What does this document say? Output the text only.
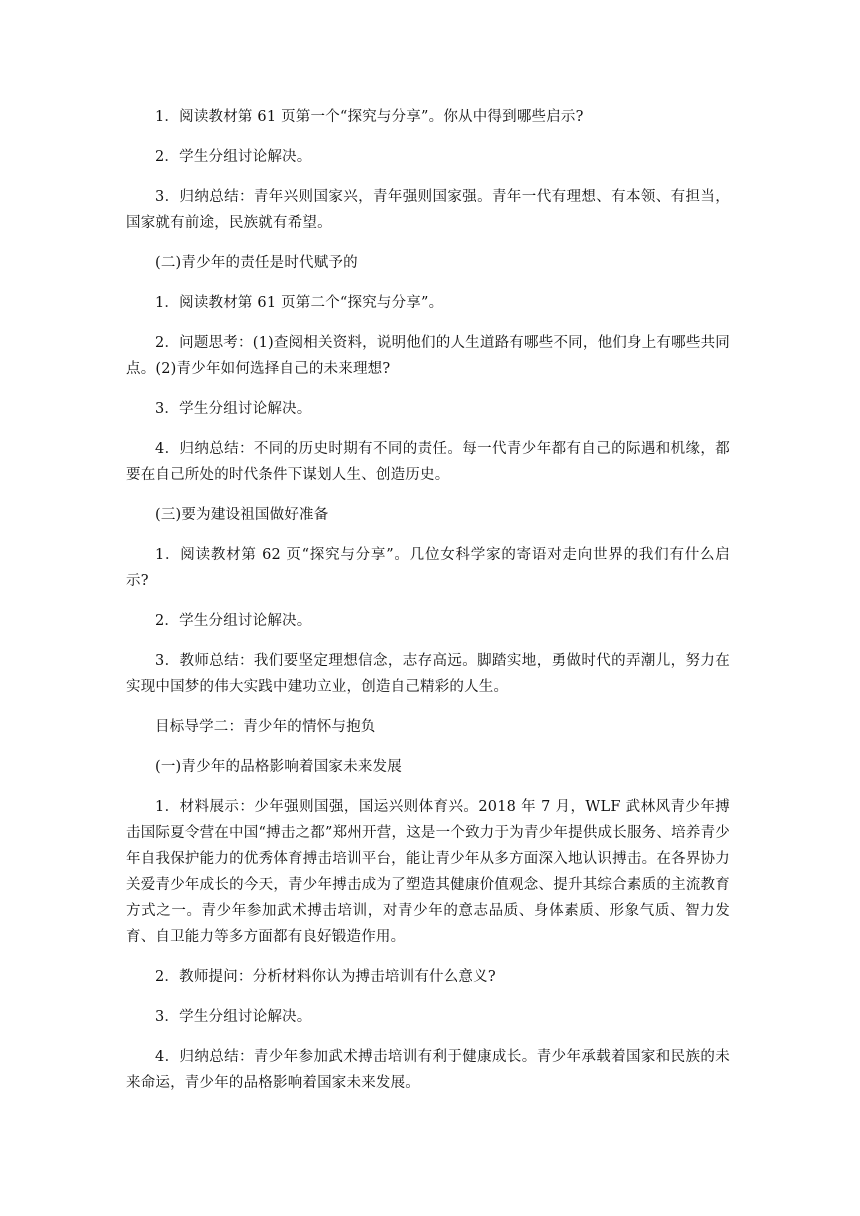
1．阅读教材第 61 页第一个“探究与分享”。你从中得到哪些启示?

2．学生分组讨论解决。

3．归纳总结：青年兴则国家兴，青年强则国家强。青年一代有理想、有本领、有担当，国家就有前途，民族就有希望。

(二)青少年的责任是时代赋予的

1．阅读教材第 61 页第二个“探究与分享”。

2．问题思考：(1)查阅相关资料，说明他们的人生道路有哪些不同，他们身上有哪些共同点。(2)青少年如何选择自己的未来理想?

3．学生分组讨论解决。

4．归纳总结：不同的历史时期有不同的责任。每一代青少年都有自己的际遇和机缘，都要在自己所处的时代条件下谋划人生、创造历史。

(三)要为建设祖国做好准备

1．阅读教材第 62 页“探究与分享”。几位女科学家的寄语对走向世界的我们有什么启示?

2．学生分组讨论解决。

3．教师总结：我们要坚定理想信念，志存高远。脚踏实地，勇做时代的弄潮儿，努力在实现中国梦的伟大实践中建功立业，创造自己精彩的人生。

目标导学二：青少年的情怀与抱负

(一)青少年的品格影响着国家未来发展

1．材料展示：少年强则国强，国运兴则体育兴。2018 年 7 月，WLF 武林风青少年搏击国际夏令营在中国“搏击之都”郑州开营，这是一个致力于为青少年提供成长服务、培养青少年自我保护能力的优秀体育搏击培训平台，能让青少年从多方面深入地认识搏击。在各界协力关爱青少年成长的今天，青少年搏击成为了塑造其健康价值观念、提升其综合素质的主流教育方式之一。青少年参加武术搏击培训，对青少年的意志品质、身体素质、形象气质、智力发育、自卫能力等多方面都有良好锻造作用。

2．教师提问：分析材料你认为搏击培训有什么意义?

3．学生分组讨论解决。

4．归纳总结：青少年参加武术搏击培训有利于健康成长。青少年承载着国家和民族的未来命运，青少年的品格影响着国家未来发展。
